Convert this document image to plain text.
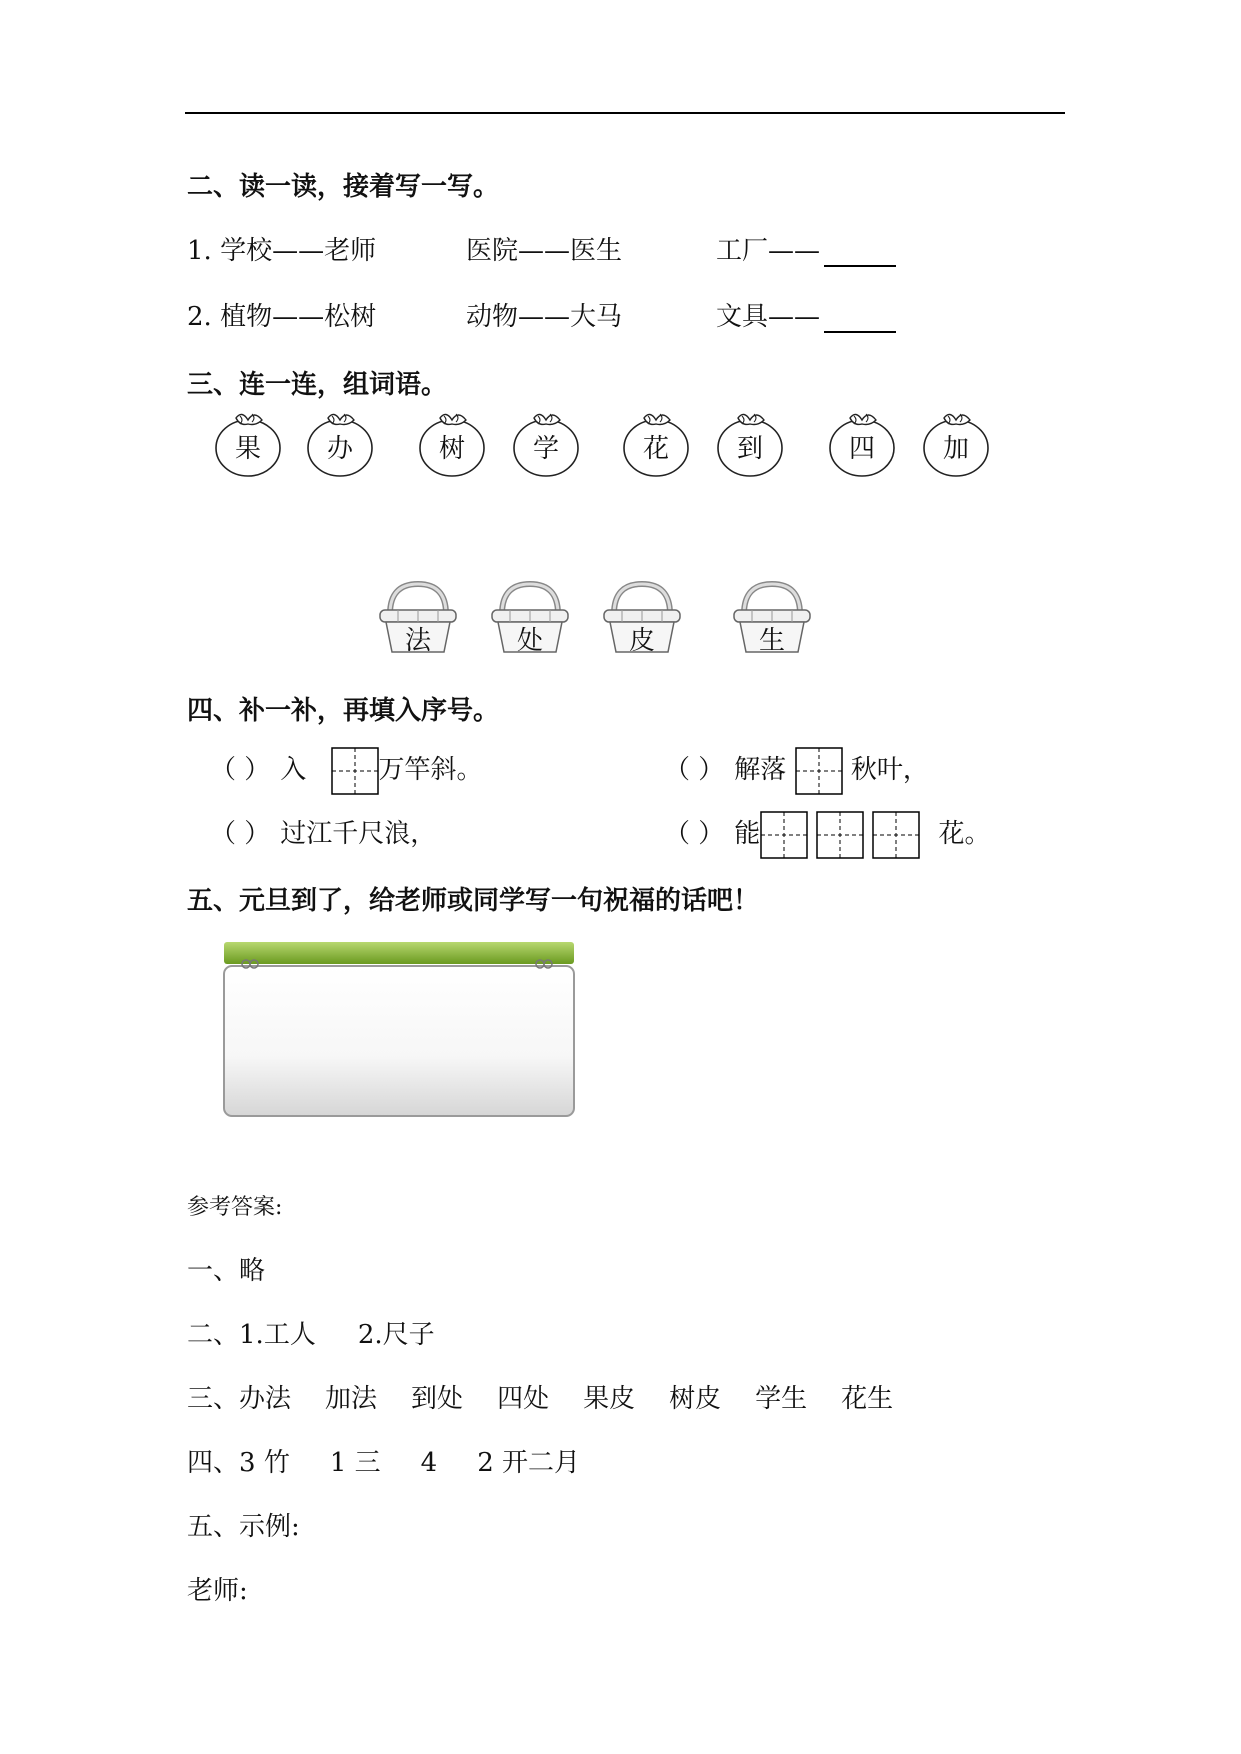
二、读一读，接着写一写。
1. 学校——老师	医院——医生	工厂——
2. 植物——松树	动物——大马	文具——
三、连一连，组词语。
果	办	树	学	花	到	四	加
法	处	皮	生
四、补一补，再填入序号。
（ ） 入	万竿斜。	（ ） 解落 秋叶，
（ ） 过江千尺浪，	（ ） 能	花。
五、元旦到了，给老师或同学写一句祝福的话吧！
参考答案:
一、略
二、1.工人 2.尺子
三、办法 加法 到处 四处 果皮 树皮 学生 花生
四、3 竹 1 三 4 2 开二月
五、示例:
老师:
